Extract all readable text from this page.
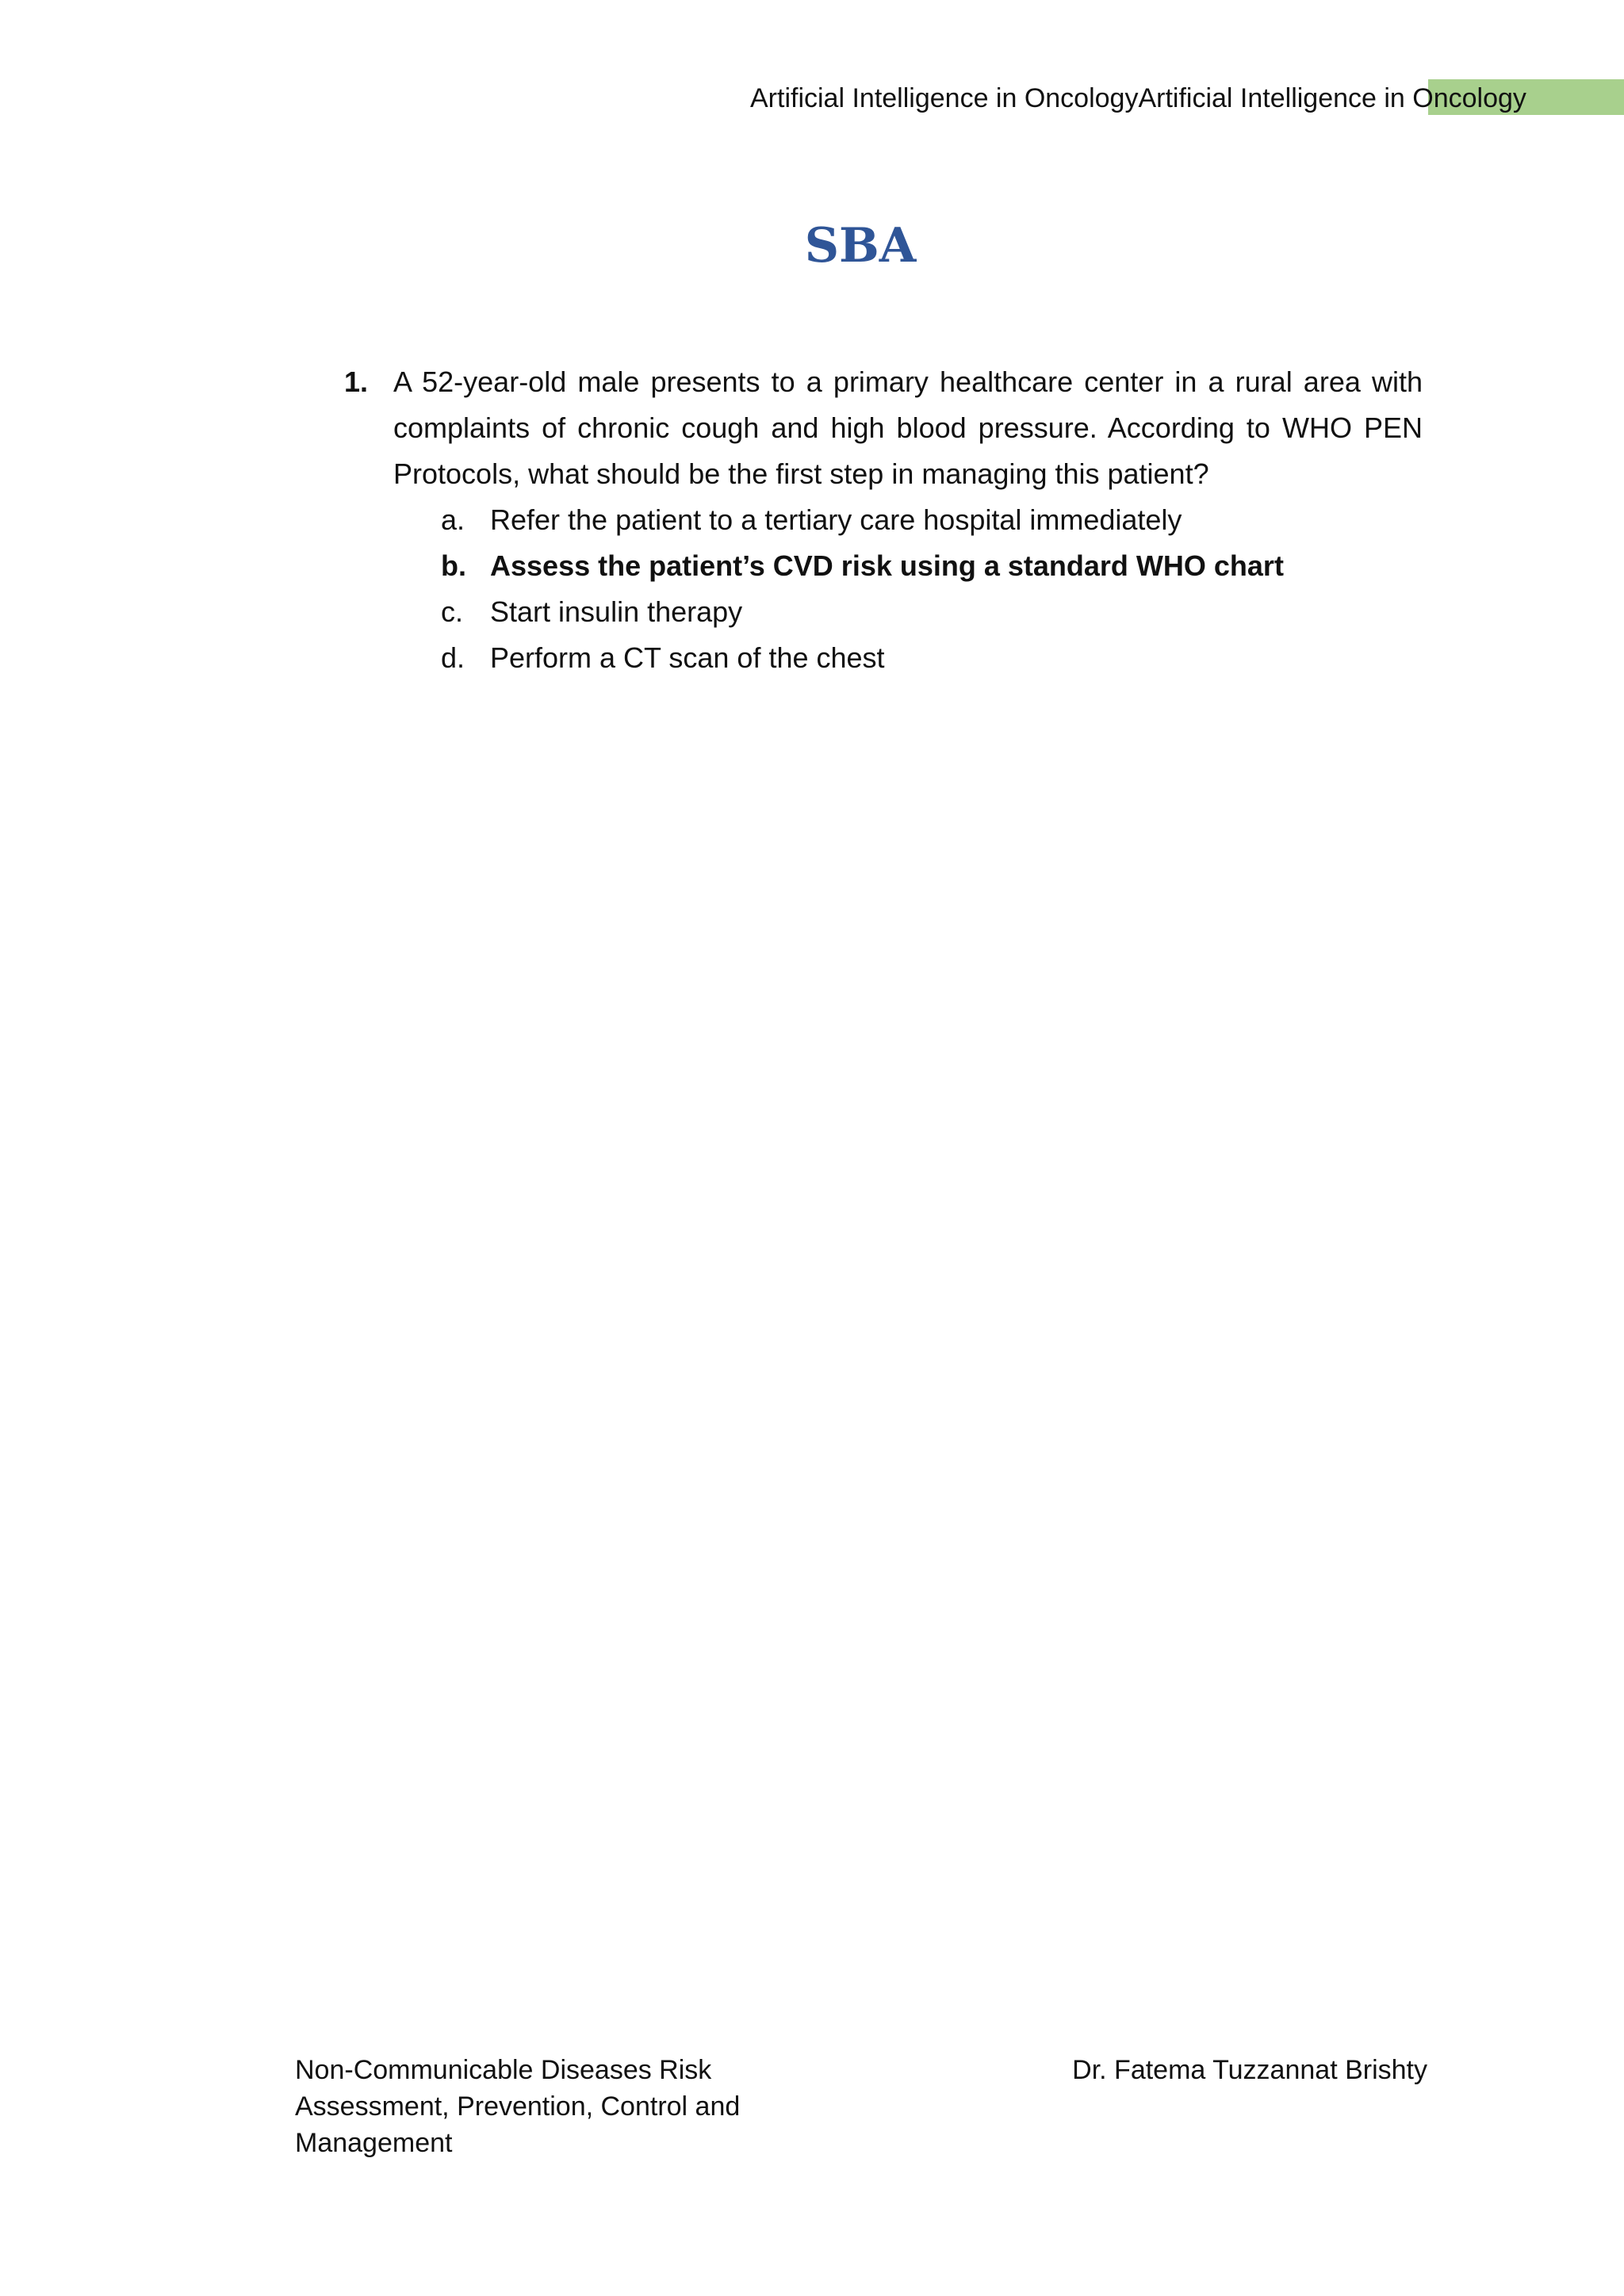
Artificial Intelligence in OncologyArtificial Intelligence in Oncology
SBA
1. A 52-year-old male presents to a primary healthcare center in a rural area with complaints of chronic cough and high blood pressure. According to WHO PEN Protocols, what should be the first step in managing this patient?
a. Refer the patient to a tertiary care hospital immediately
b. Assess the patient’s CVD risk using a standard WHO chart
c. Start insulin therapy
d. Perform a CT scan of the chest
Non-Communicable Diseases Risk Assessment, Prevention, Control and Management
Dr. Fatema Tuzzannat Brishty
